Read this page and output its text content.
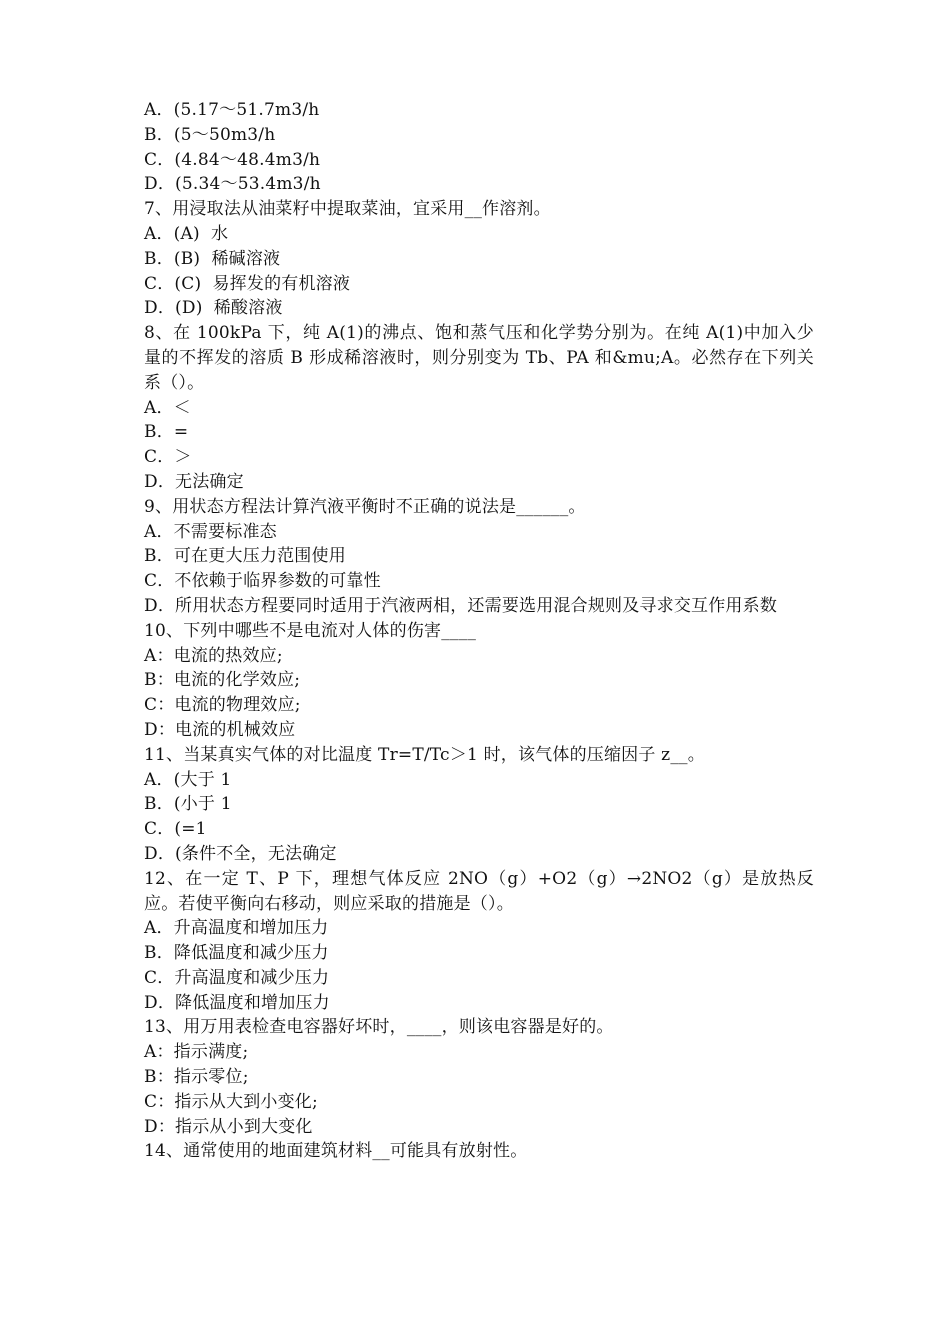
A．(5.17～51.7m3/h
B．(5～50m3/h
C．(4.84～48.4m3/h
D．(5.34～53.4m3/h
7、用浸取法从油菜籽中提取菜油，宜采用__作溶剂。
A．(A)  水
B．(B)  稀碱溶液
C．(C)  易挥发的有机溶液
D．(D)  稀酸溶液
8、在 100kPa 下，纯 A(1)的沸点、饱和蒸气压和化学势分别为。在纯 A(1)中加入少量的不挥发的溶质 B 形成稀溶液时，则分别变为 Tb、PA 和&mu;A。必然存在下列关系（）。
A．＜
B．=
C．＞
D．无法确定
9、用状态方程法计算汽液平衡时不正确的说法是______。
A．不需要标准态
B．可在更大压力范围使用
C．不依赖于临界参数的可靠性
D．所用状态方程要同时适用于汽液两相，还需要选用混合规则及寻求交互作用系数
10、下列中哪些不是电流对人体的伤害____
A：电流的热效应;
B：电流的化学效应;
C：电流的物理效应;
D：电流的机械效应
11、当某真实气体的对比温度 Tr=T/Tc＞1 时，该气体的压缩因子 z__。
A．(大于 1
B．(小于 1
C．(=1
D．(条件不全，无法确定
12、在一定 T、P 下，理想气体反应 2NO（g）+O2（g）→2NO2（g）是放热反应。若使平衡向右移动，则应采取的措施是（）。
A．升高温度和增加压力
B．降低温度和减少压力
C．升高温度和减少压力
D．降低温度和增加压力
13、用万用表检查电容器好坏时，____，则该电容器是好的。
A：指示满度;
B：指示零位;
C：指示从大到小变化;
D：指示从小到大变化
14、通常使用的地面建筑材料__可能具有放射性。
